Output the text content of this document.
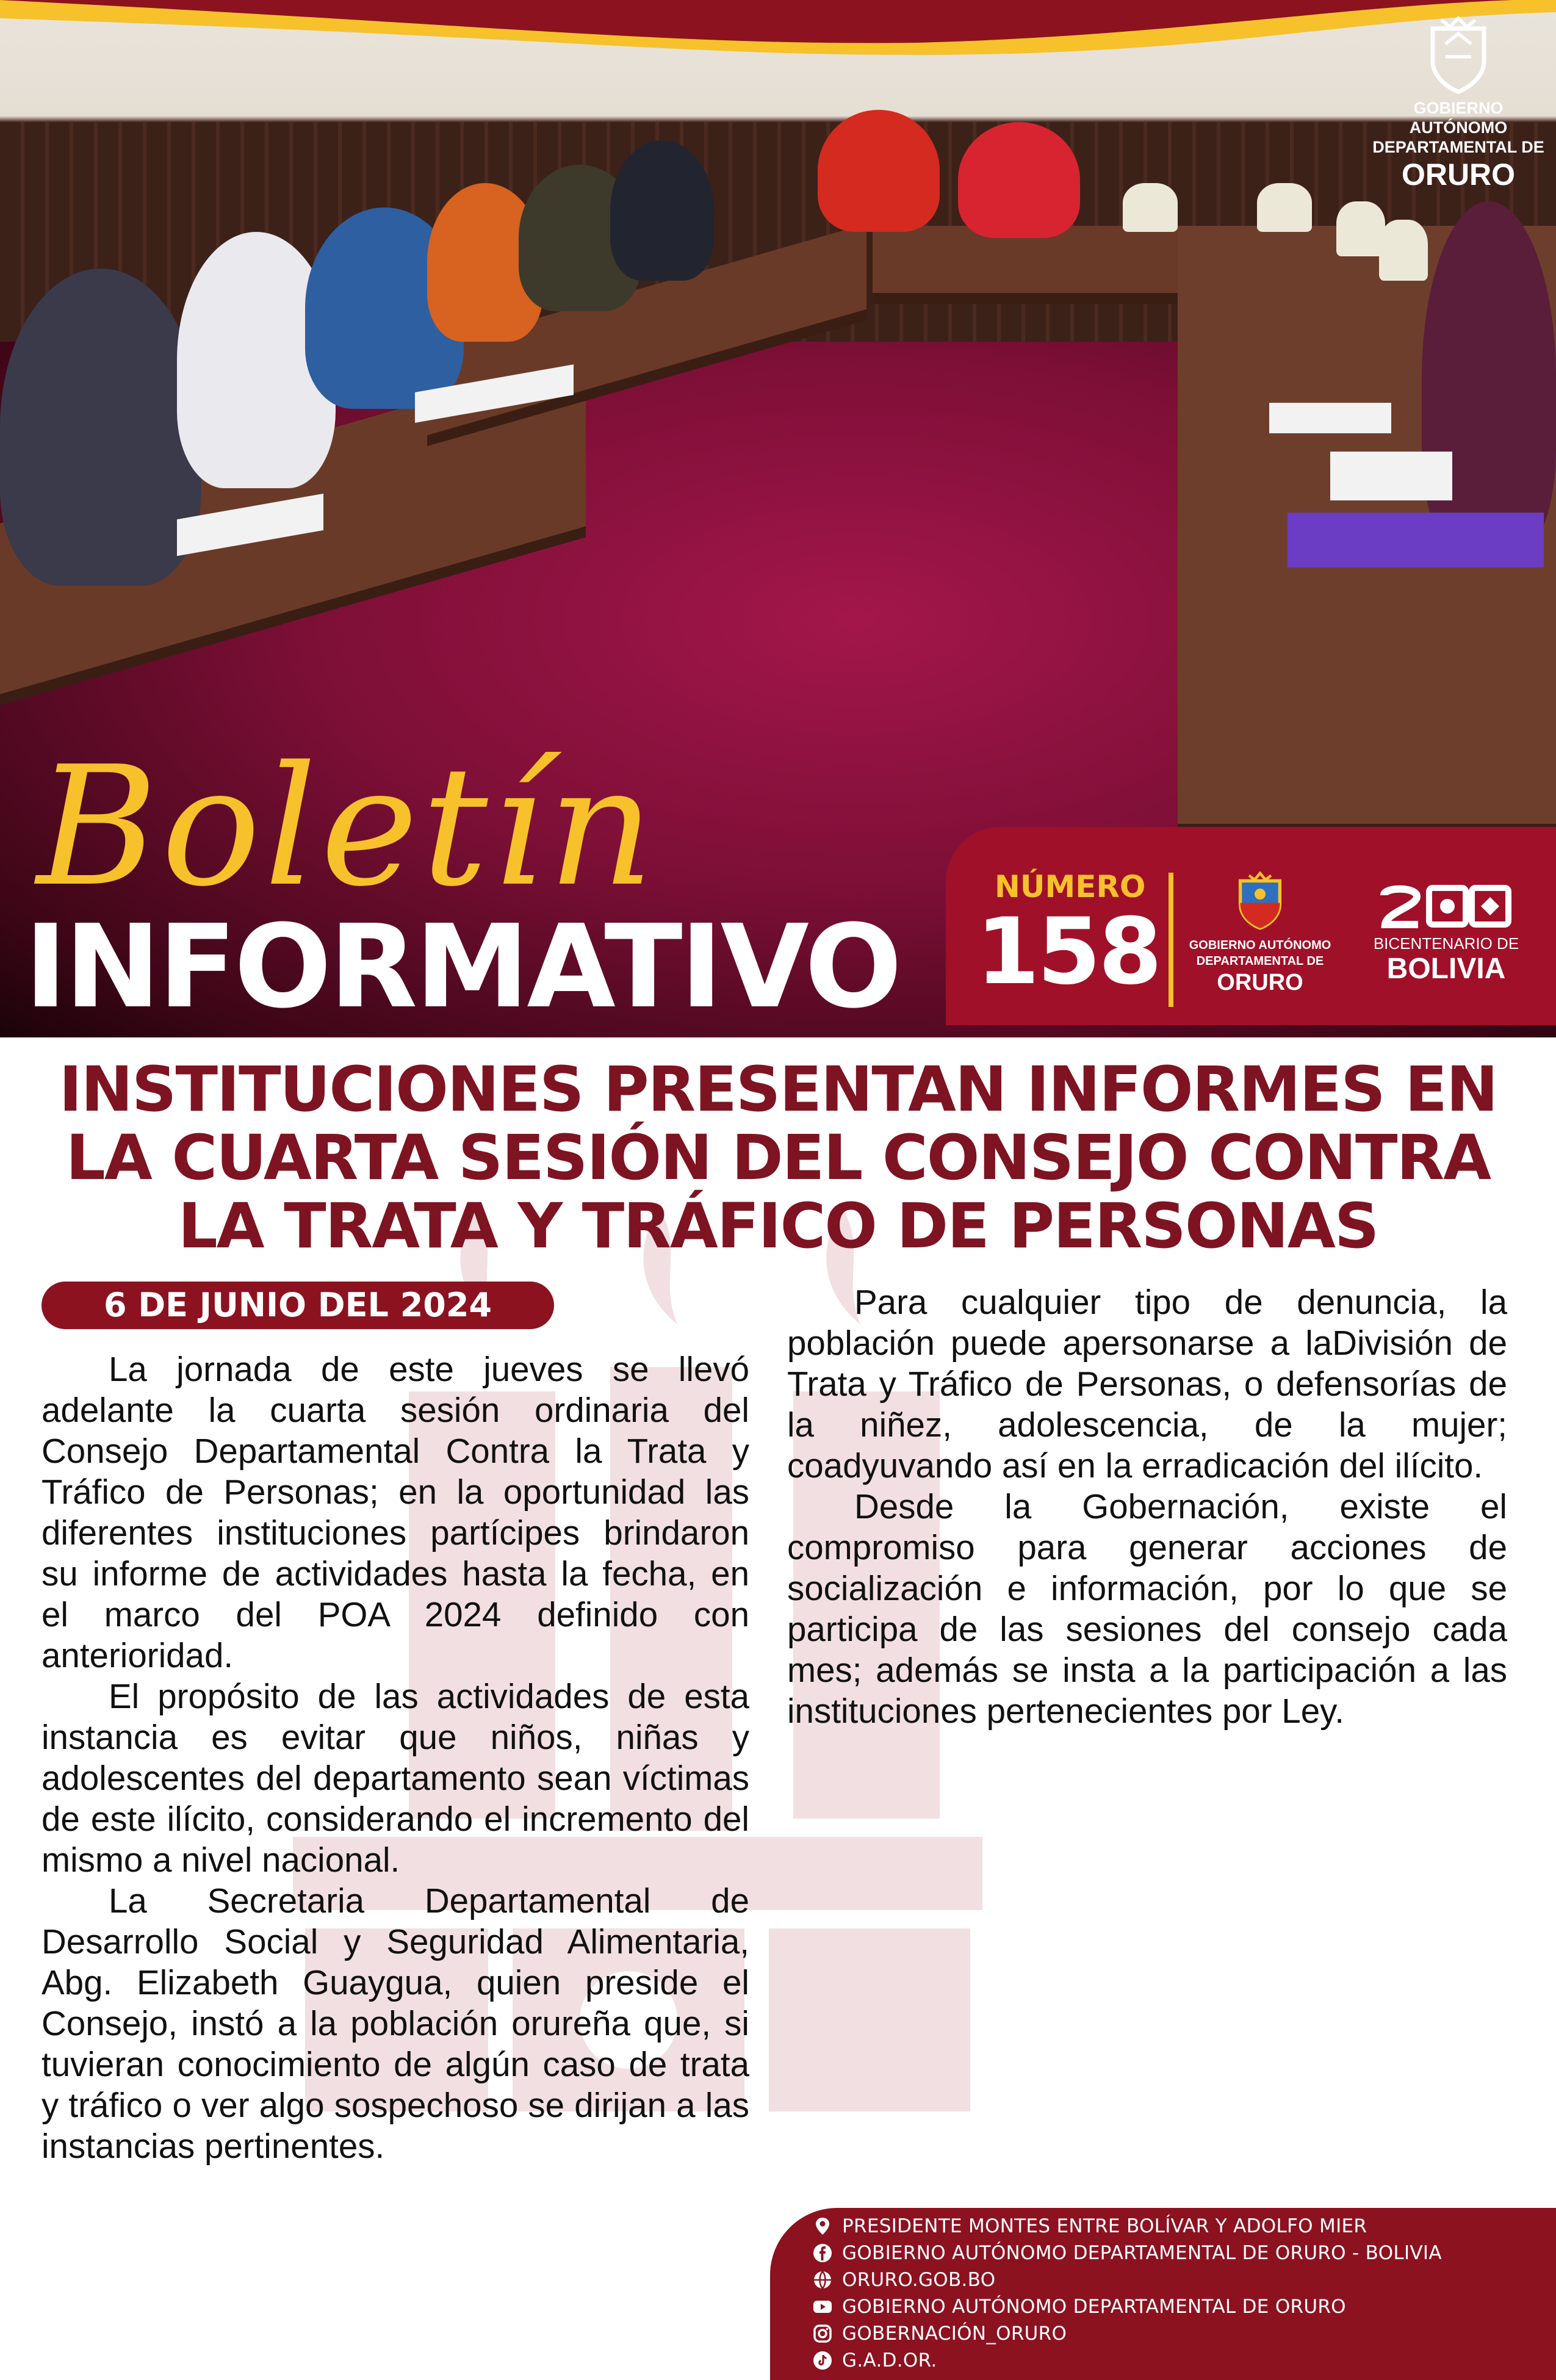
GOBIERNO AUTÓNOMO
DEPARTAMENTAL DE
ORURO
Boletín
INFORMATIVO
NÚMERO
158	GOBIERNO AUTÓNOMO
DEPARTAMENTAL DE
ORURO
BICENTENARIO DE
BOLIVIA
INSTITUCIONES PRESENTAN INFORMES EN
LA CUARTA SESIÓN DEL CONSEJO CONTRA
LA TRATA Y TRÁFICO DE PERSONAS
6 DE JUNIO DEL 2024

La jornada de este jueves se llevó adelante la cuarta sesión ordinaria del Consejo Departamental Contra la Trata y Tráfico de Personas; en la oportunidad las diferentes instituciones partícipes brindaron su informe de actividades hasta la fecha, en el marco del POA 2024 definido con anterioridad.

El propósito de las actividades de esta instancia es evitar que niños, niñas y adolescentes del departamento sean víctimas de este ilícito, considerando el incremento del mismo a nivel nacional.

La Secretaria Departamental de Desarrollo Social y Seguridad Alimentaria, Abg. Elizabeth Guaygua, quien preside el Consejo, instó a la población orureña que, si tuvieran conocimiento de algún caso de trata y tráfico o ver algo sospechoso se dirijan a las instancias pertinentes.

Para cualquier tipo de denuncia, la población puede apersonarse a laDivisión de Trata y Tráfico de Personas, o defensorías de la niñez, adolescencia, de la mujer; coadyuvando así en la erradicación del ilícito.

Desde la Gobernación, existe el compromiso para generar acciones de socialización e información, por lo que se participa de las sesiones del consejo cada mes; además se insta a la participación a las instituciones pertenecientes por Ley.

PRESIDENTE MONTES ENTRE BOLÍVAR Y ADOLFO MIER
GOBIERNO AUTÓNOMO DEPARTAMENTAL DE ORURO - BOLIVIA
ORURO.GOB.BO
GOBIERNO AUTÓNOMO DEPARTAMENTAL DE ORURO
GOBERNACIÓN_ORURO
G.A.D.OR.
